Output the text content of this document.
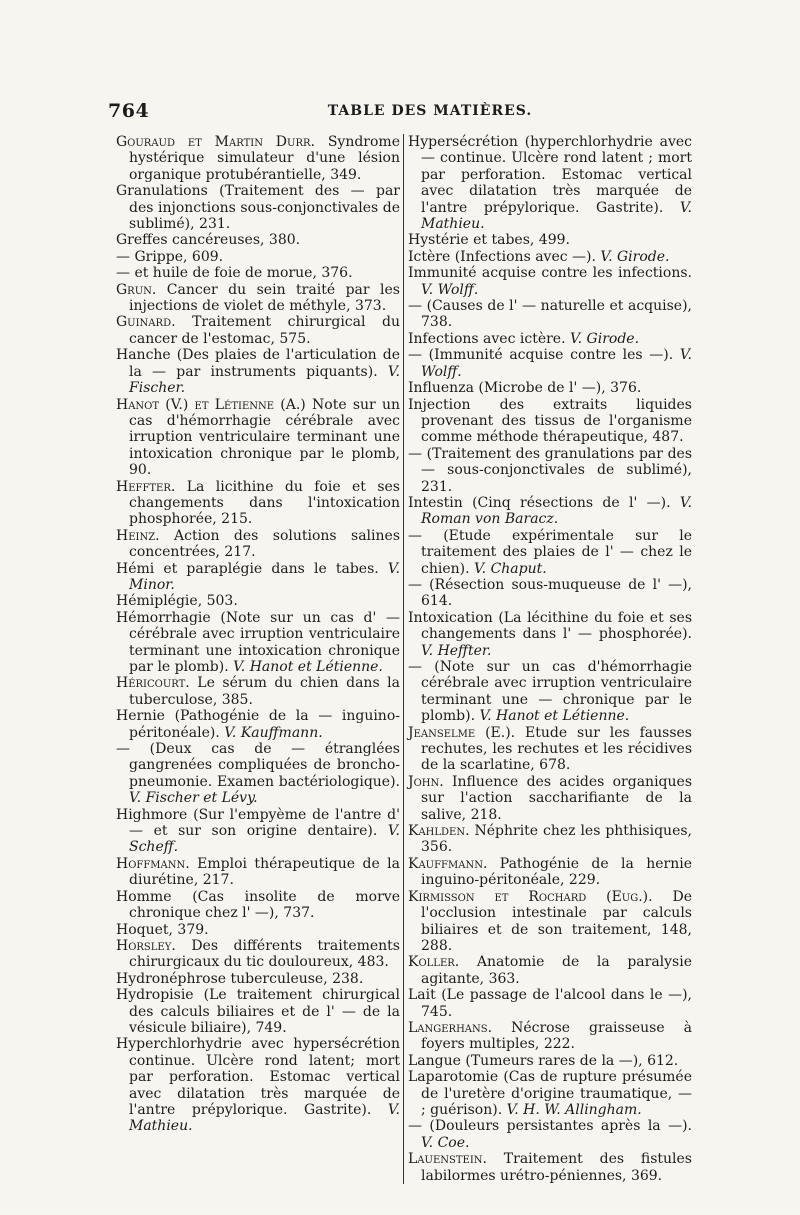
764	TABLE DES MATIÈRES.

Gouraud et Martin Durr. Syndrome hystérique simulateur d'une lésion organique protubérantielle, 349.

Granulations (Traitement des — par des injonctions sous-conjonctivales de sublimé), 231.

Greffes cancéreuses, 380.

— Grippe, 609.

— et huile de foie de morue, 376.

Grun. Cancer du sein traité par les injections de violet de méthyle, 373.

Guinard. Traitement chirurgical du cancer de l'estomac, 575.

Hanche (Des plaies de l'articulation de la — par instruments piquants). V. Fischer.

Hanot (V.) et Létienne (A.) Note sur un cas d'hémorrhagie cérébrale avec irruption ventriculaire terminant une intoxication chronique par le plomb, 90.

Heffter. La licithine du foie et ses changements dans l'intoxication phosphorée, 215.

Heinz. Action des solutions salines concentrées, 217.

Hémi et paraplégie dans le tabes. V. Minor.

Hémiplégie, 503.

Hémorrhagie (Note sur un cas d' — cérébrale avec irruption ventriculaire terminant une intoxication chronique par le plomb). V. Hanot et Létienne.

Héricourt. Le sérum du chien dans la tuberculose, 385.

Hernie (Pathogénie de la — inguino-péritonéale). V. Kauffmann.

— (Deux cas de — étranglées gangrenées compliquées de broncho-pneumonie. Examen bactériologique). V. Fischer et Lévy.

Highmore (Sur l'empyème de l'antre d' — et sur son origine dentaire). V. Scheff.

Hoffmann. Emploi thérapeutique de la diurétine, 217.

Homme (Cas insolite de morve chronique chez l' —), 737.

Hoquet, 379.

Horsley. Des différents traitements chirurgicaux du tic douloureux, 483.

Hydronéphrose tuberculeuse, 238.

Hydropisie (Le traitement chirurgical des calculs biliaires et de l' — de la vésicule biliaire), 749.

Hyperchlorhydrie avec hypersécrétion continue. Ulcère rond latent; mort par perforation. Estomac vertical avec dilatation très marquée de l'antre prépylorique. Gastrite). V. Mathieu.

Hypersécrétion (hyperchlorhydrie avec — continue. Ulcère rond latent ; mort par perforation. Estomac vertical avec dilatation très marquée de l'antre prépylorique. Gastrite). V. Mathieu.

Hystérie et tabes, 499.

Ictère (Infections avec —). V. Girode.

Immunité acquise contre les infections. V. Wolff.

— (Causes de l' — naturelle et acquise), 738.

Infections avec ictère. V. Girode.

— (Immunité acquise contre les —). V. Wolff.

Influenza (Microbe de l' —), 376.

Injection des extraits liquides provenant des tissus de l'organisme comme méthode thérapeutique, 487.

— (Traitement des granulations par des — sous-conjonctivales de sublimé), 231.

Intestin (Cinq résections de l' —). V. Roman von Baracz.

— (Etude expérimentale sur le traitement des plaies de l' — chez le chien). V. Chaput.

— (Résection sous-muqueuse de l' —), 614.

Intoxication (La lécithine du foie et ses changements dans l' — phosphorée). V. Heffter.

— (Note sur un cas d'hémorrhagie cérébrale avec irruption ventriculaire terminant une — chronique par le plomb). V. Hanot et Létienne.

Jeanselme (E.). Etude sur les fausses rechutes, les rechutes et les récidives de la scarlatine, 678.

John. Influence des acides organiques sur l'action saccharifiante de la salive, 218.

Kahlden. Néphrite chez les phthisiques, 356.

Kauffmann. Pathogénie de la hernie inguino-péritonéale, 229.

Kirmisson et Rochard (Eug.). De l'occlusion intestinale par calculs biliaires et de son traitement, 148, 288.

Koller. Anatomie de la paralysie agitante, 363.

Lait (Le passage de l'alcool dans le —), 745.

Langerhans. Nécrose graisseuse à foyers multiples, 222.

Langue (Tumeurs rares de la —), 612.

Laparotomie (Cas de rupture présumée de l'uretère d'origine traumatique, — ; guérison). V. H. W. Allingham.

— (Douleurs persistantes après la —). V. Coe.

Lauenstein. Traitement des fistules labilormes urétro-péniennes, 369.
